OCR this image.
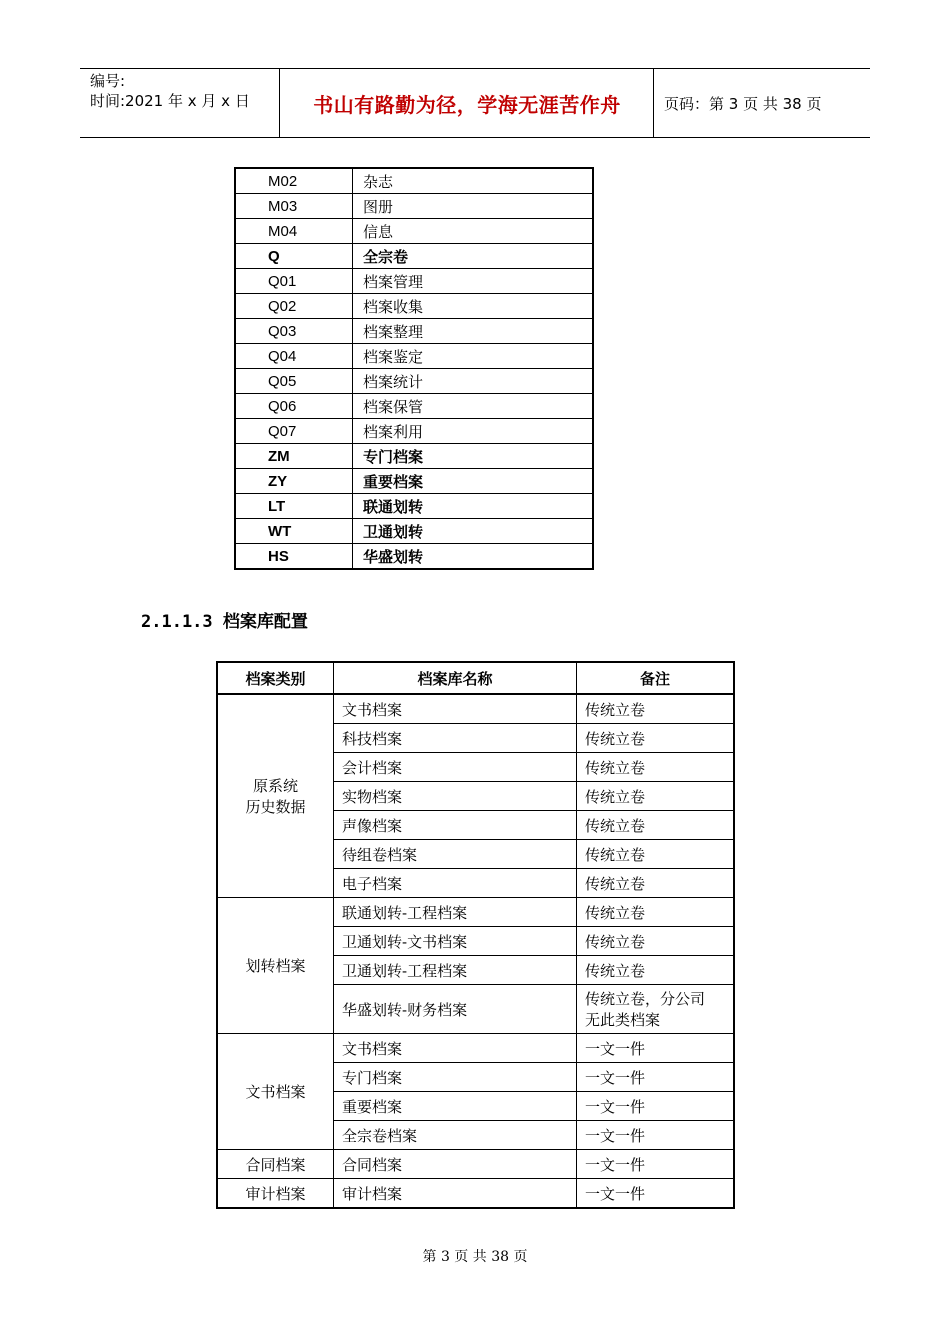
编号:
时间:2021 年 x 月 x 日	书山有路勤为径，学海无涯苦作舟	页码：第 3 页 共 38 页
M02	杂志
M03	图册
M04	信息
Q	全宗卷
Q01	档案管理
Q02	档案收集
Q03	档案整理
Q04	档案鉴定
Q05	档案统计
Q06	档案保管
Q07	档案利用
ZM	专门档案
ZY	重要档案
LT	联通划转
WT	卫通划转
HS	华盛划转
2.1.1.3 档案库配置
档案类别	档案库名称	备注
原系统
历史数据	文书档案	传统立卷
	科技档案	传统立卷
	会计档案	传统立卷
	实物档案	传统立卷
	声像档案	传统立卷
	待组卷档案	传统立卷
	电子档案	传统立卷
划转档案	联通划转-工程档案	传统立卷
	卫通划转-文书档案	传统立卷
	卫通划转-工程档案	传统立卷
	华盛划转-财务档案	传统立卷，分公司
无此类档案
文书档案	文书档案	一文一件
	专门档案	一文一件
	重要档案	一文一件
	全宗卷档案	一文一件
合同档案	合同档案	一文一件
审计档案	审计档案	一文一件
第 3 页 共 38 页
